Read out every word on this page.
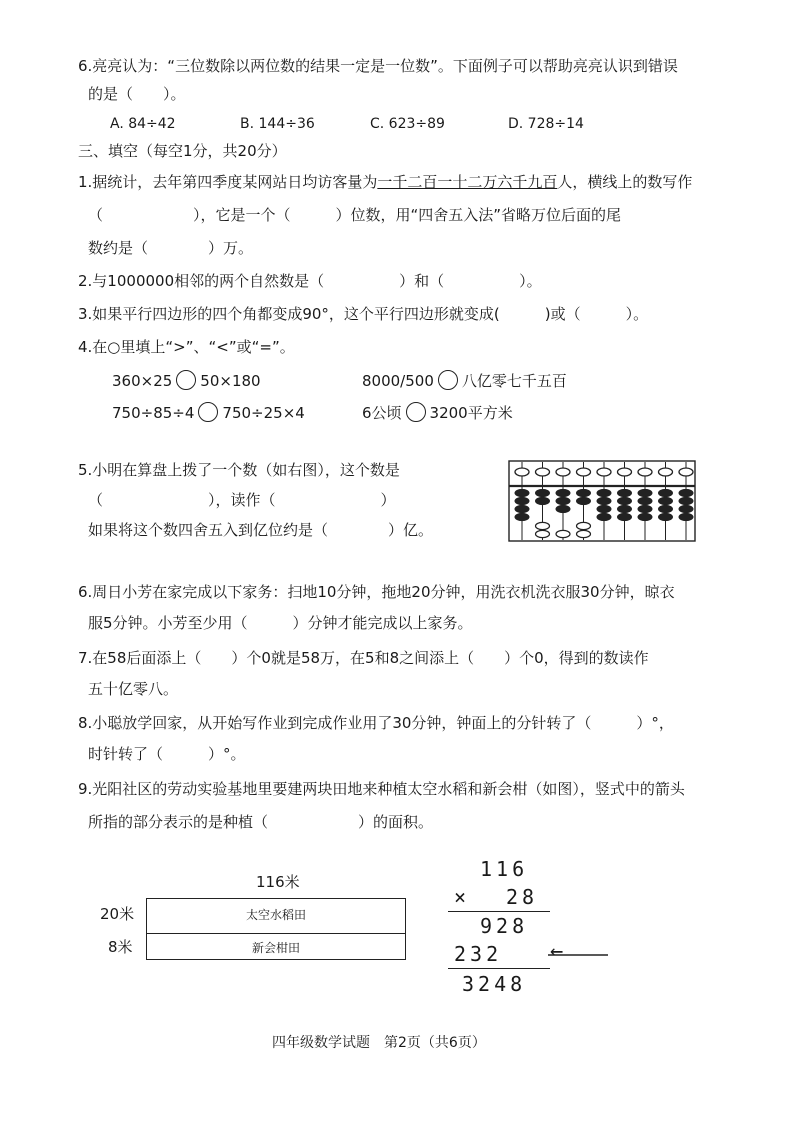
6.亮亮认为：“三位数除以两位数的结果一定是一位数”。下面例子可以帮助亮亮认识到错误
的是（　　）。
A. 84÷42	B. 144÷36	C. 623÷89	D. 728÷14
三、填空（每空1分，共20分）
1.据统计，去年第四季度某网站日均访客量为一千二百一十二万六千九百人，横线上的数写作
（　　　　　　），它是一个（　　　）位数，用“四舍五入法”省略万位后面的尾
数约是（　　　　）万。
2.与1000000相邻的两个自然数是（　　　　　）和（　　　　　）。
3.如果平行四边形的四个角都变成90°，这个平行四边形就变成(　　　)或（　　　）。
4.在○里填上“>”、“<”或“=”。
360×25 50×180	8000/500 八亿零七千五百
750÷85÷4 750÷25×4	6公顷 3200平方米
5.小明在算盘上拨了一个数（如右图），这个数是
（　　　　　　　），读作（　　　　　　　）
如果将这个数四舍五入到亿位约是（　　　　）亿。
6.周日小芳在家完成以下家务：扫地10分钟，拖地20分钟，用洗衣机洗衣服30分钟，晾衣
服5分钟。小芳至少用（　　　）分钟才能完成以上家务。
7.在58后面添上（　　）个0就是58万，在5和8之间添上（　　）个0，得到的数读作
五十亿零八。
8.小聪放学回家，从开始写作业到完成作业用了30分钟，钟面上的分针转了（　　　）°，
时针转了（　　　）°。
9.光阳社区的劳动实验基地里要建两块田地来种植太空水稻和新会柑（如图），竖式中的箭头
所指的部分表示的是种植（　　　　　　）的面积。
116米
20米
8米
太空水稻田
新会柑田
116
× 28
928
232 ←
3248
四年级数学试题　第2页（共6页）
